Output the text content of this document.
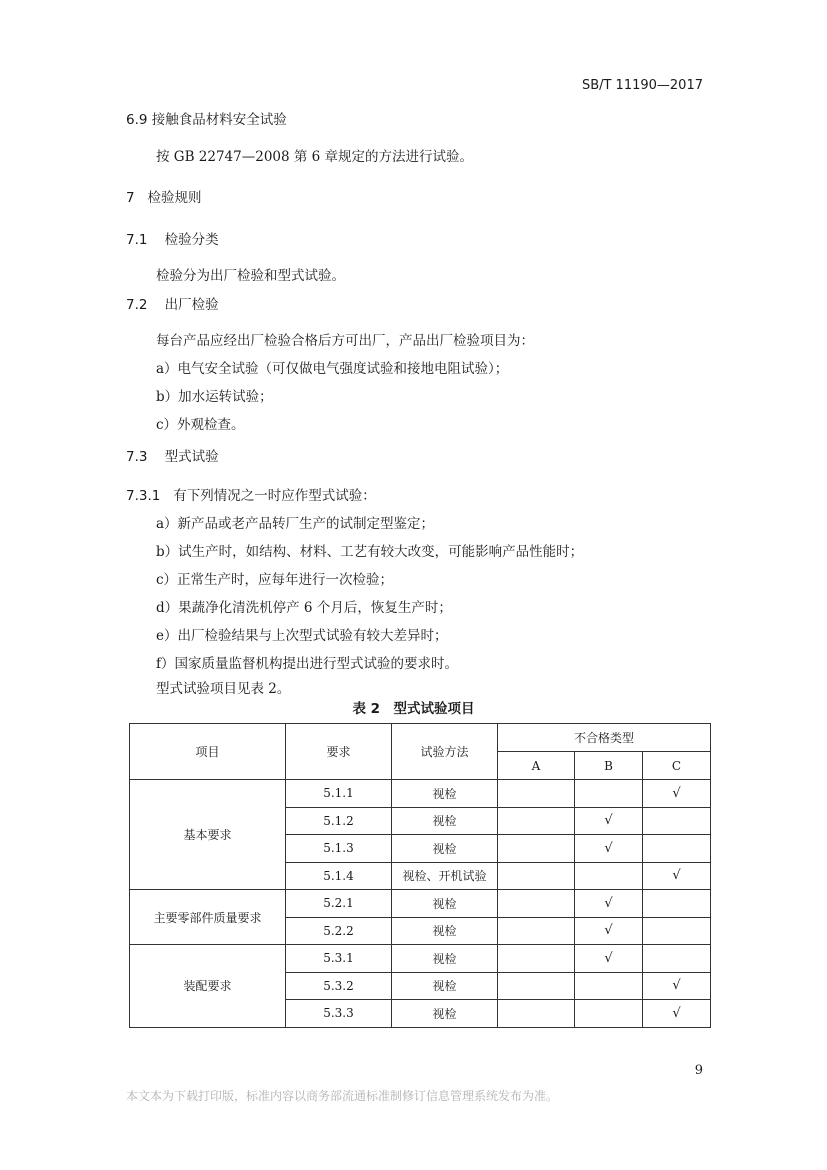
SB/T 11190—2017
6.9 接触食品材料安全试验
按 GB 22747—2008 第 6 章规定的方法进行试验。
7 检验规则
7.1 检验分类
检验分为出厂检验和型式试验。
7.2 出厂检验
每台产品应经出厂检验合格后方可出厂，产品出厂检验项目为：
a）电气安全试验（可仅做电气强度试验和接地电阻试验）；
b）加水运转试验；
c）外观检查。
7.3 型式试验
7.3.1 有下列情况之一时应作型式试验：
a）新产品或老产品转厂生产的试制定型鉴定；
b）试生产时，如结构、材料、工艺有较大改变，可能影响产品性能时；
c）正常生产时，应每年进行一次检验；
d）果蔬净化清洗机停产 6 个月后，恢复生产时；
e）出厂检验结果与上次型式试验有较大差异时；
f）国家质量监督机构提出进行型式试验的要求时。
型式试验项目见表 2。
表 2　型式试验项目
项目	要求	试验方法	不合格类型		
			A	B	C
基本要求	5.1.1	视检			√
	5.1.2	视检		√	
	5.1.3	视检		√	
	5.1.4	视检、开机试验			√
主要零部件质量要求	5.2.1	视检		√	
	5.2.2	视检		√	
装配要求	5.3.1	视检		√	
	5.3.2	视检			√
	5.3.3	视检			√
9
本文本为下载打印版，标准内容以商务部流通标准制修订信息管理系统发布为准。
